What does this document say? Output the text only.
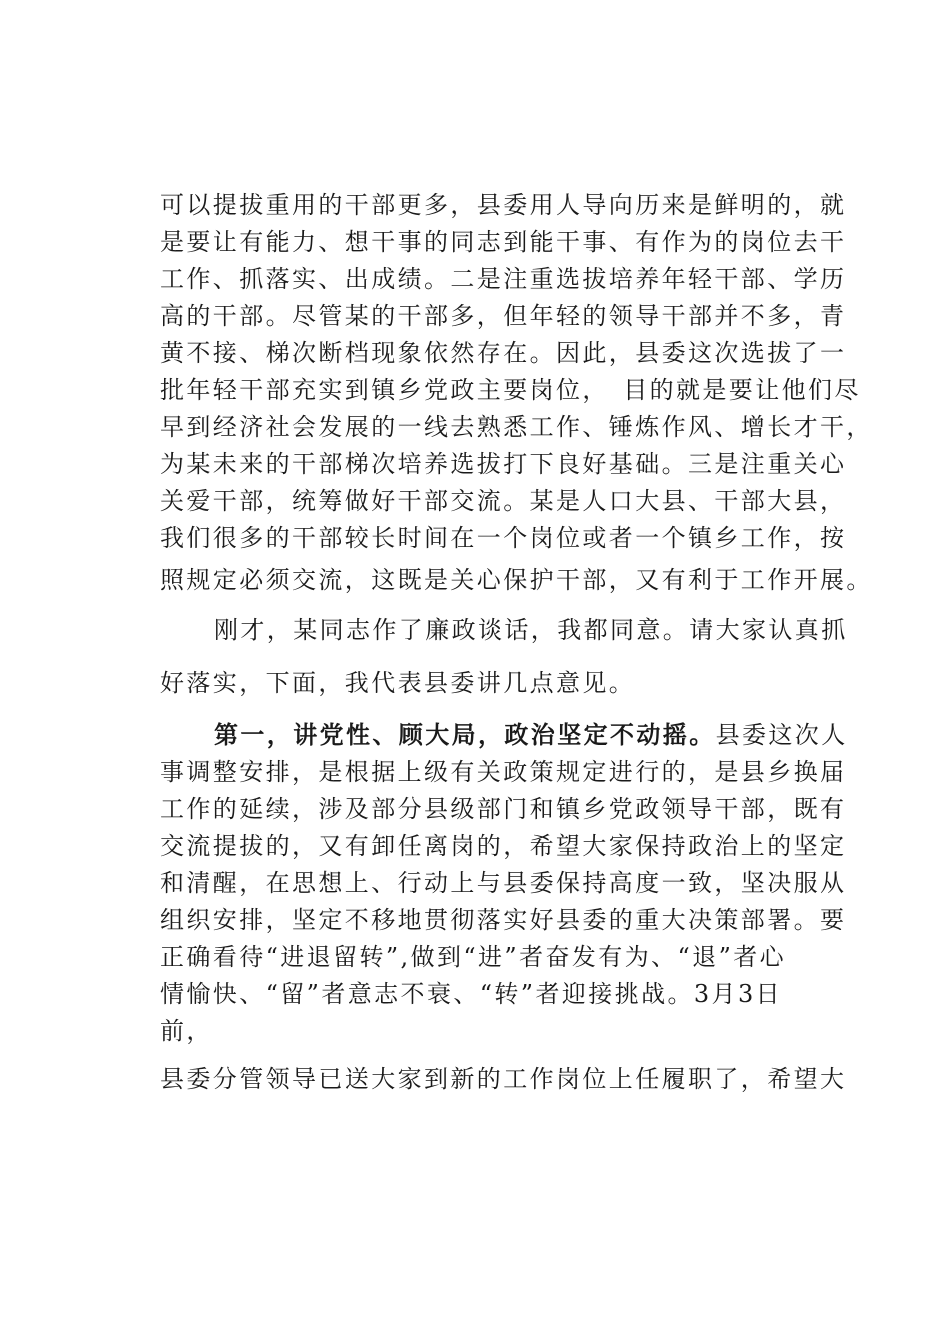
可以提拔重用的干部更多，县委用人导向历来是鲜明的，就
是要让有能力、想干事的同志到能干事、有作为的岗位去干
工作、抓落实、出成绩。二是注重选拔培养年轻干部、学历
高的干部。尽管某的干部多，但年轻的领导干部并不多，青
黄不接、梯次断档现象依然存在。因此，县委这次选拔了一
批年轻干部充实到镇乡党政主要岗位，　目的就是要让他们尽
早到经济社会发展的一线去熟悉工作、锤炼作风、增长才干，
为某未来的干部梯次培养选拔打下良好基础。三是注重关心
关爱干部，统筹做好干部交流。某是人口大县、干部大县，
我们很多的干部较长时间在一个岗位或者一个镇乡工作，按
照规定必须交流，这既是关心保护干部，又有利于工作开展。
刚才，某同志作了廉政谈话，我都同意。请大家认真抓
好落实，下面，我代表县委讲几点意见。
第一，讲党性、顾大局，政治坚定不动摇。县委这次人
事调整安排，是根据上级有关政策规定进行的，是县乡换届
工作的延续，涉及部分县级部门和镇乡党政领导干部，既有
交流提拔的，又有卸任离岗的，希望大家保持政治上的坚定
和清醒，在思想上、行动上与县委保持高度一致，坚决服从
组织安排，坚定不移地贯彻落实好县委的重大决策部署。要
正确看待“进退留转”,做到“进”者奋发有为、“退”者心
情愉快、“留”者意志不衰、“转”者迎接挑战。3月3日
前，
县委分管领导已送大家到新的工作岗位上任履职了，希望大
